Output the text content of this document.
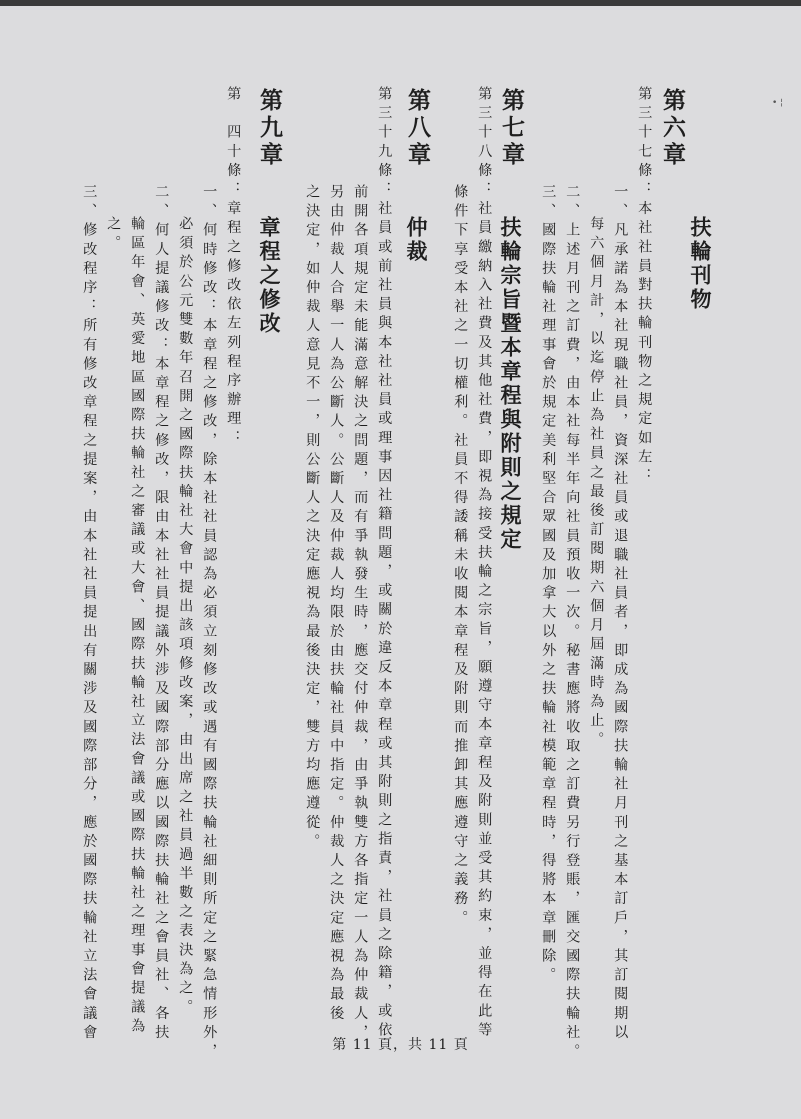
第六章
扶輪刊物
第三十七條：本社社員對扶輪刊物之規定如左：
一、凡承諾為本社現職社員，資深社員或退職社員者，即成為國際扶輪社月刊之基本訂戶，其訂閱期以
每六個月計，以迄停止為社員之最後訂閱期六個月屆滿時為止。
二、上述月刊之訂費，由本社每半年向社員預收一次。秘書應將收取之訂費另行登賬，匯交國際扶輪社。
三、國際扶輪社理事會於規定美利堅合眾國及加拿大以外之扶輪社模範章程時，得將本章刪除。
第七章
扶輪宗旨暨本章程與附則之規定
第三十八條：社員繳納入社費及其他社費，即視為接受扶輪之宗旨，願遵守本章程及附則並受其約束，並得在此等
條件下享受本社之一切權利。社員不得諉稱未收閱本章程及附則而推卸其應遵守之義務。
第八章
仲裁
第三十九條：社員或前社員與本社社員或理事因社籍問題，或關於違反本章程或其附則之指責，社員之除籍，或依
前開各項規定未能滿意解決之問題，而有爭執發生時，應交付仲裁，由爭執雙方各指定一人為仲裁人，
另由仲裁人合舉一人為公斷人。公斷人及仲裁人均限於由扶輪社員中指定。仲裁人之決定應視為最後
之決定，如仲裁人意見不一，則公斷人之決定應視為最後決定，雙方均應遵從。
第九章
章程之修改
第　四十條：章程之修改依左列程序辦理：
一、何時修改：本章程之修改，除本社社員認為必須立刻修改或遇有國際扶輪社細則所定之緊急情形外，
必須於公元雙數年召開之國際扶輪社大會中提出該項修改案，由出席之社員過半數之表決為之。
二、何人提議修改：本章程之修改，限由本社社員提議外涉及國際部分應以國際扶輪社之會員社、各扶
輪區年會、英愛地區國際扶輪社之審議或大會、國際扶輪社立法會議或國際扶輪社之理事會提議為
之。
三、修改程序：所有修改章程之提案，由本社社員提出有關涉及國際部分，應於國際扶輪社立法會議會
• ¦
第 11 頁，共 11 頁
